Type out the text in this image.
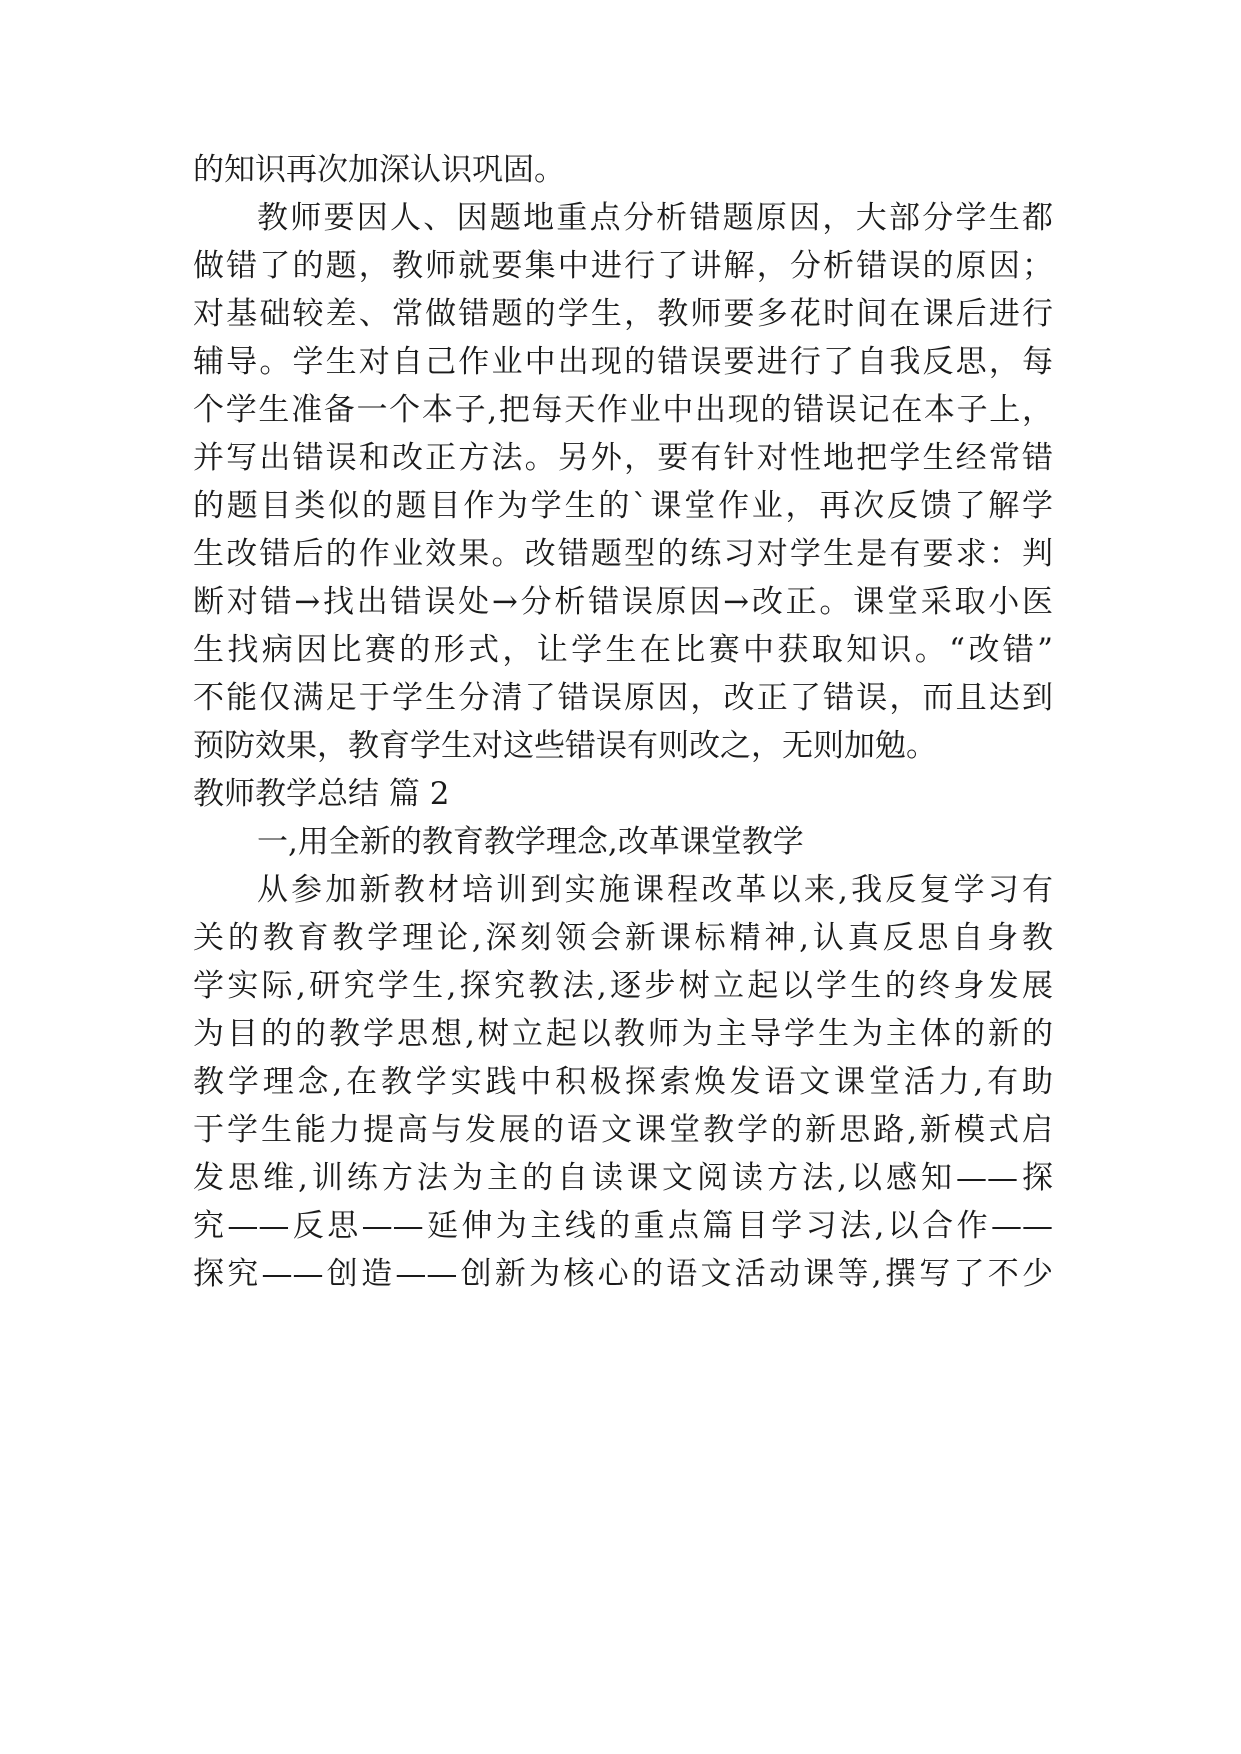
的知识再次加深认识巩固。
教师要因人、因题地重点分析错题原因，大部分学生都
做错了的题，教师就要集中进行了讲解，分析错误的原因；
对基础较差、常做错题的学生，教师要多花时间在课后进行
辅导。学生对自己作业中出现的错误要进行了自我反思，每
个学生准备一个本子,把每天作业中出现的错误记在本子上，
并写出错误和改正方法。另外，要有针对性地把学生经常错
的题目类似的题目作为学生的`课堂作业，再次反馈了解学
生改错后的作业效果。改错题型的练习对学生是有要求：判
断对错→找出错误处→分析错误原因→改正。课堂采取小医
生找病因比赛的形式，让学生在比赛中获取知识。“改错”
不能仅满足于学生分清了错误原因，改正了错误，而且达到
预防效果，教育学生对这些错误有则改之，无则加勉。
教师教学总结 篇 2
一,用全新的教育教学理念,改革课堂教学
从参加新教材培训到实施课程改革以来,我反复学习有
关的教育教学理论,深刻领会新课标精神,认真反思自身教
学实际,研究学生,探究教法,逐步树立起以学生的终身发展
为目的的教学思想,树立起以教师为主导学生为主体的新的
教学理念,在教学实践中积极探索焕发语文课堂活力,有助
于学生能力提高与发展的语文课堂教学的新思路,新模式启
发思维,训练方法为主的自读课文阅读方法,以感知——探
究——反思——延伸为主线的重点篇目学习法,以合作——
探究——创造——创新为核心的语文活动课等,撰写了不少
